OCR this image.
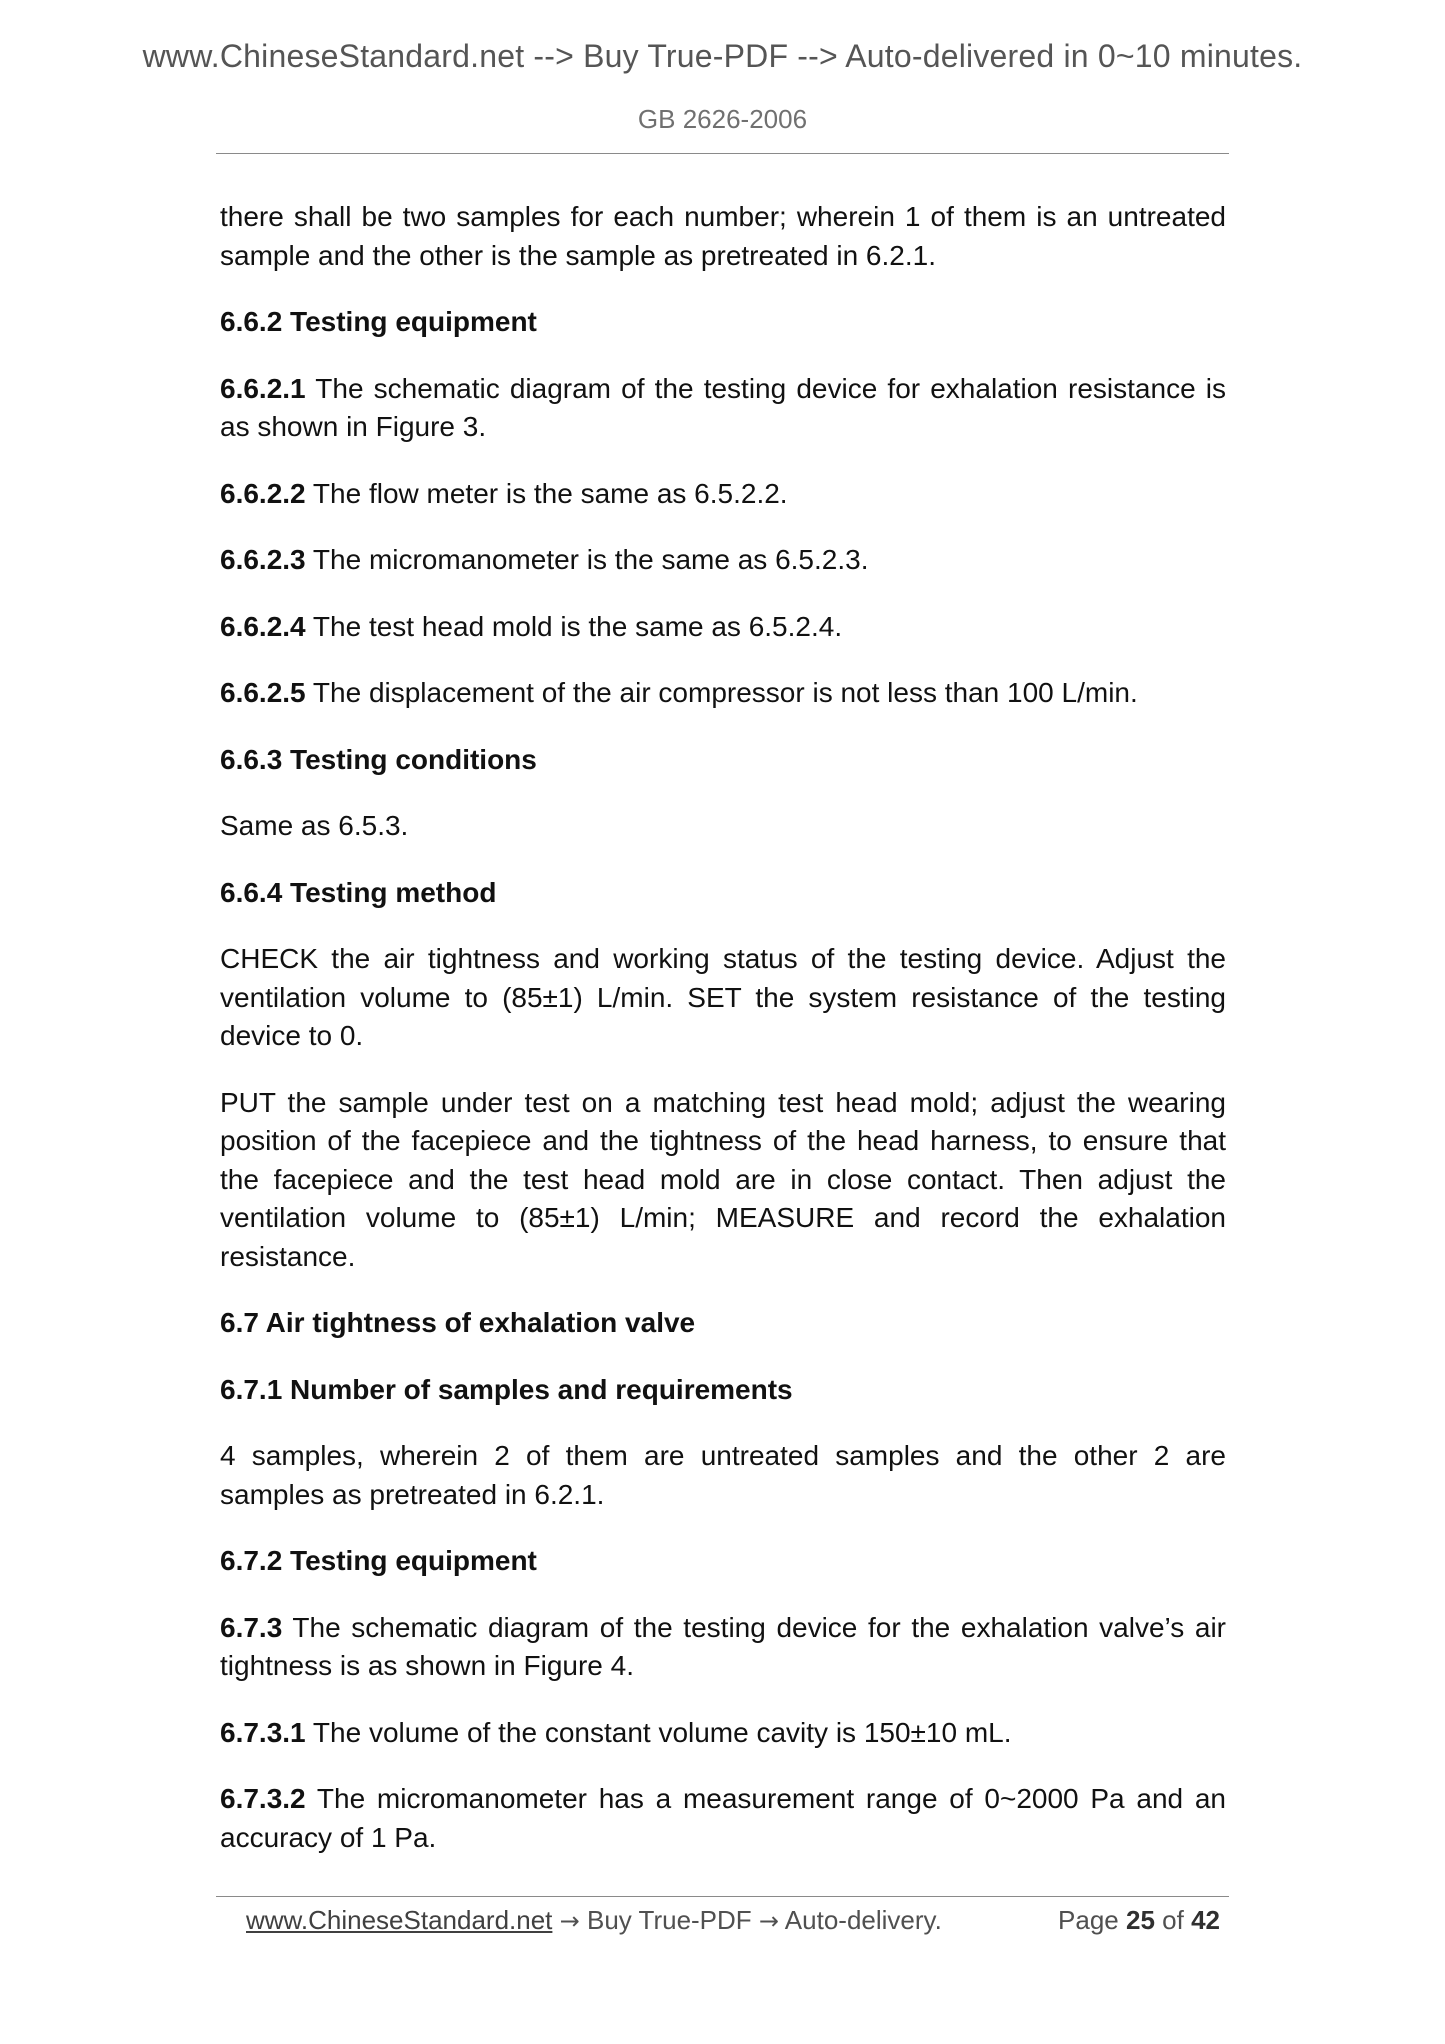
www.ChineseStandard.net --> Buy True-PDF --> Auto-delivered in 0~10 minutes.
GB 2626-2006

there shall be two samples for each number; wherein 1 of them is an untreated sample and the other is the sample as pretreated in 6.2.1.

6.6.2 Testing equipment

6.6.2.1 The schematic diagram of the testing device for exhalation resistance is as shown in Figure 3.

6.6.2.2 The flow meter is the same as 6.5.2.2.

6.6.2.3 The micromanometer is the same as 6.5.2.3.

6.6.2.4 The test head mold is the same as 6.5.2.4.

6.6.2.5 The displacement of the air compressor is not less than 100 L/min.

6.6.3 Testing conditions

Same as 6.5.3.

6.6.4 Testing method

CHECK the air tightness and working status of the testing device. Adjust the ventilation volume to (85±1) L/min. SET the system resistance of the testing device to 0.

PUT the sample under test on a matching test head mold; adjust the wearing position of the facepiece and the tightness of the head harness, to ensure that the facepiece and the test head mold are in close contact. Then adjust the ventilation volume to (85±1) L/min; MEASURE and record the exhalation resistance.

6.7 Air tightness of exhalation valve

6.7.1 Number of samples and requirements

4 samples, wherein 2 of them are untreated samples and the other 2 are samples as pretreated in 6.2.1.

6.7.2 Testing equipment

6.7.3 The schematic diagram of the testing device for the exhalation valve’s air tightness is as shown in Figure 4.

6.7.3.1 The volume of the constant volume cavity is 150±10 mL.

6.7.3.2 The micromanometer has a measurement range of 0~2000 Pa and an accuracy of 1 Pa.

www.ChineseStandard.net → Buy True-PDF → Auto-delivery.	Page 25 of 42
